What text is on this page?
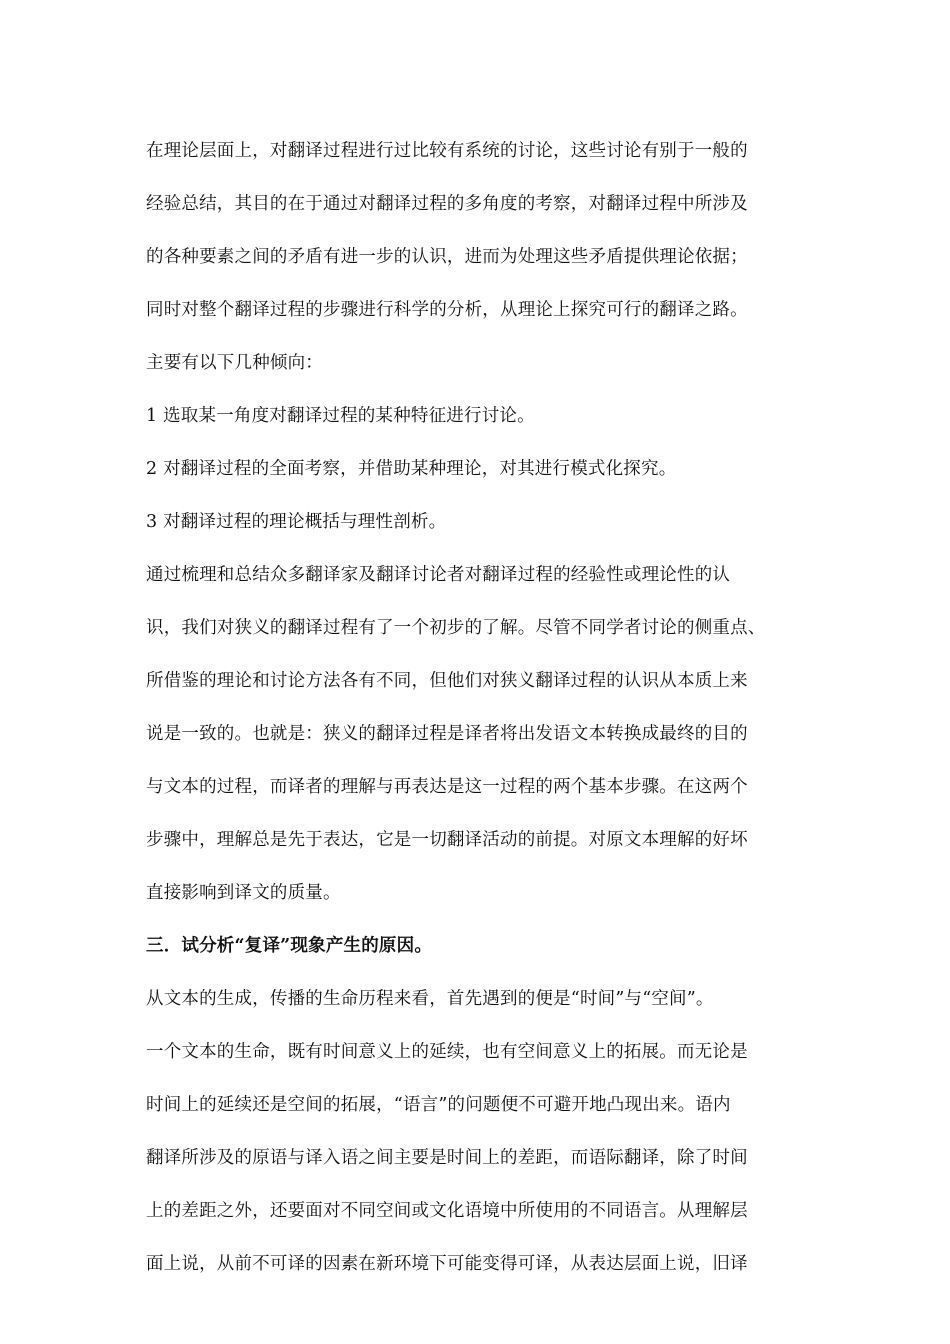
在理论层面上，对翻译过程进行过比较有系统的讨论，这些讨论有别于一般的
经验总结，其目的在于通过对翻译过程的多角度的考察，对翻译过程中所涉及
的各种要素之间的矛盾有进一步的认识，进而为处理这些矛盾提供理论依据；
同时对整个翻译过程的步骤进行科学的分析，从理论上探究可行的翻译之路。
主要有以下几种倾向：
1 选取某一角度对翻译过程的某种特征进行讨论。
2 对翻译过程的全面考察，并借助某种理论，对其进行模式化探究。
3 对翻译过程的理论概括与理性剖析。
通过梳理和总结众多翻译家及翻译讨论者对翻译过程的经验性或理论性的认
识，我们对狭义的翻译过程有了一个初步的了解。尽管不同学者讨论的侧重点、
所借鉴的理论和讨论方法各有不同，但他们对狭义翻译过程的认识从本质上来
说是一致的。也就是：狭义的翻译过程是译者将出发语文本转换成最终的目的
与文本的过程，而译者的理解与再表达是这一过程的两个基本步骤。在这两个
步骤中，理解总是先于表达，它是一切翻译活动的前提。对原文本理解的好坏
直接影响到译文的质量。
三．试分析“复译”现象产生的原因。
从文本的生成，传播的生命历程来看，首先遇到的便是“时间”与“空间”。
一个文本的生命，既有时间意义上的延续，也有空间意义上的拓展。而无论是
时间上的延续还是空间的拓展，“语言”的问题便不可避开地凸现出来。语内
翻译所涉及的原语与译入语之间主要是时间上的差距，而语际翻译，除了时间
上的差距之外，还要面对不同空间或文化语境中所使用的不同语言。从理解层
面上说，从前不可译的因素在新环境下可能变得可译，从表达层面上说，旧译
